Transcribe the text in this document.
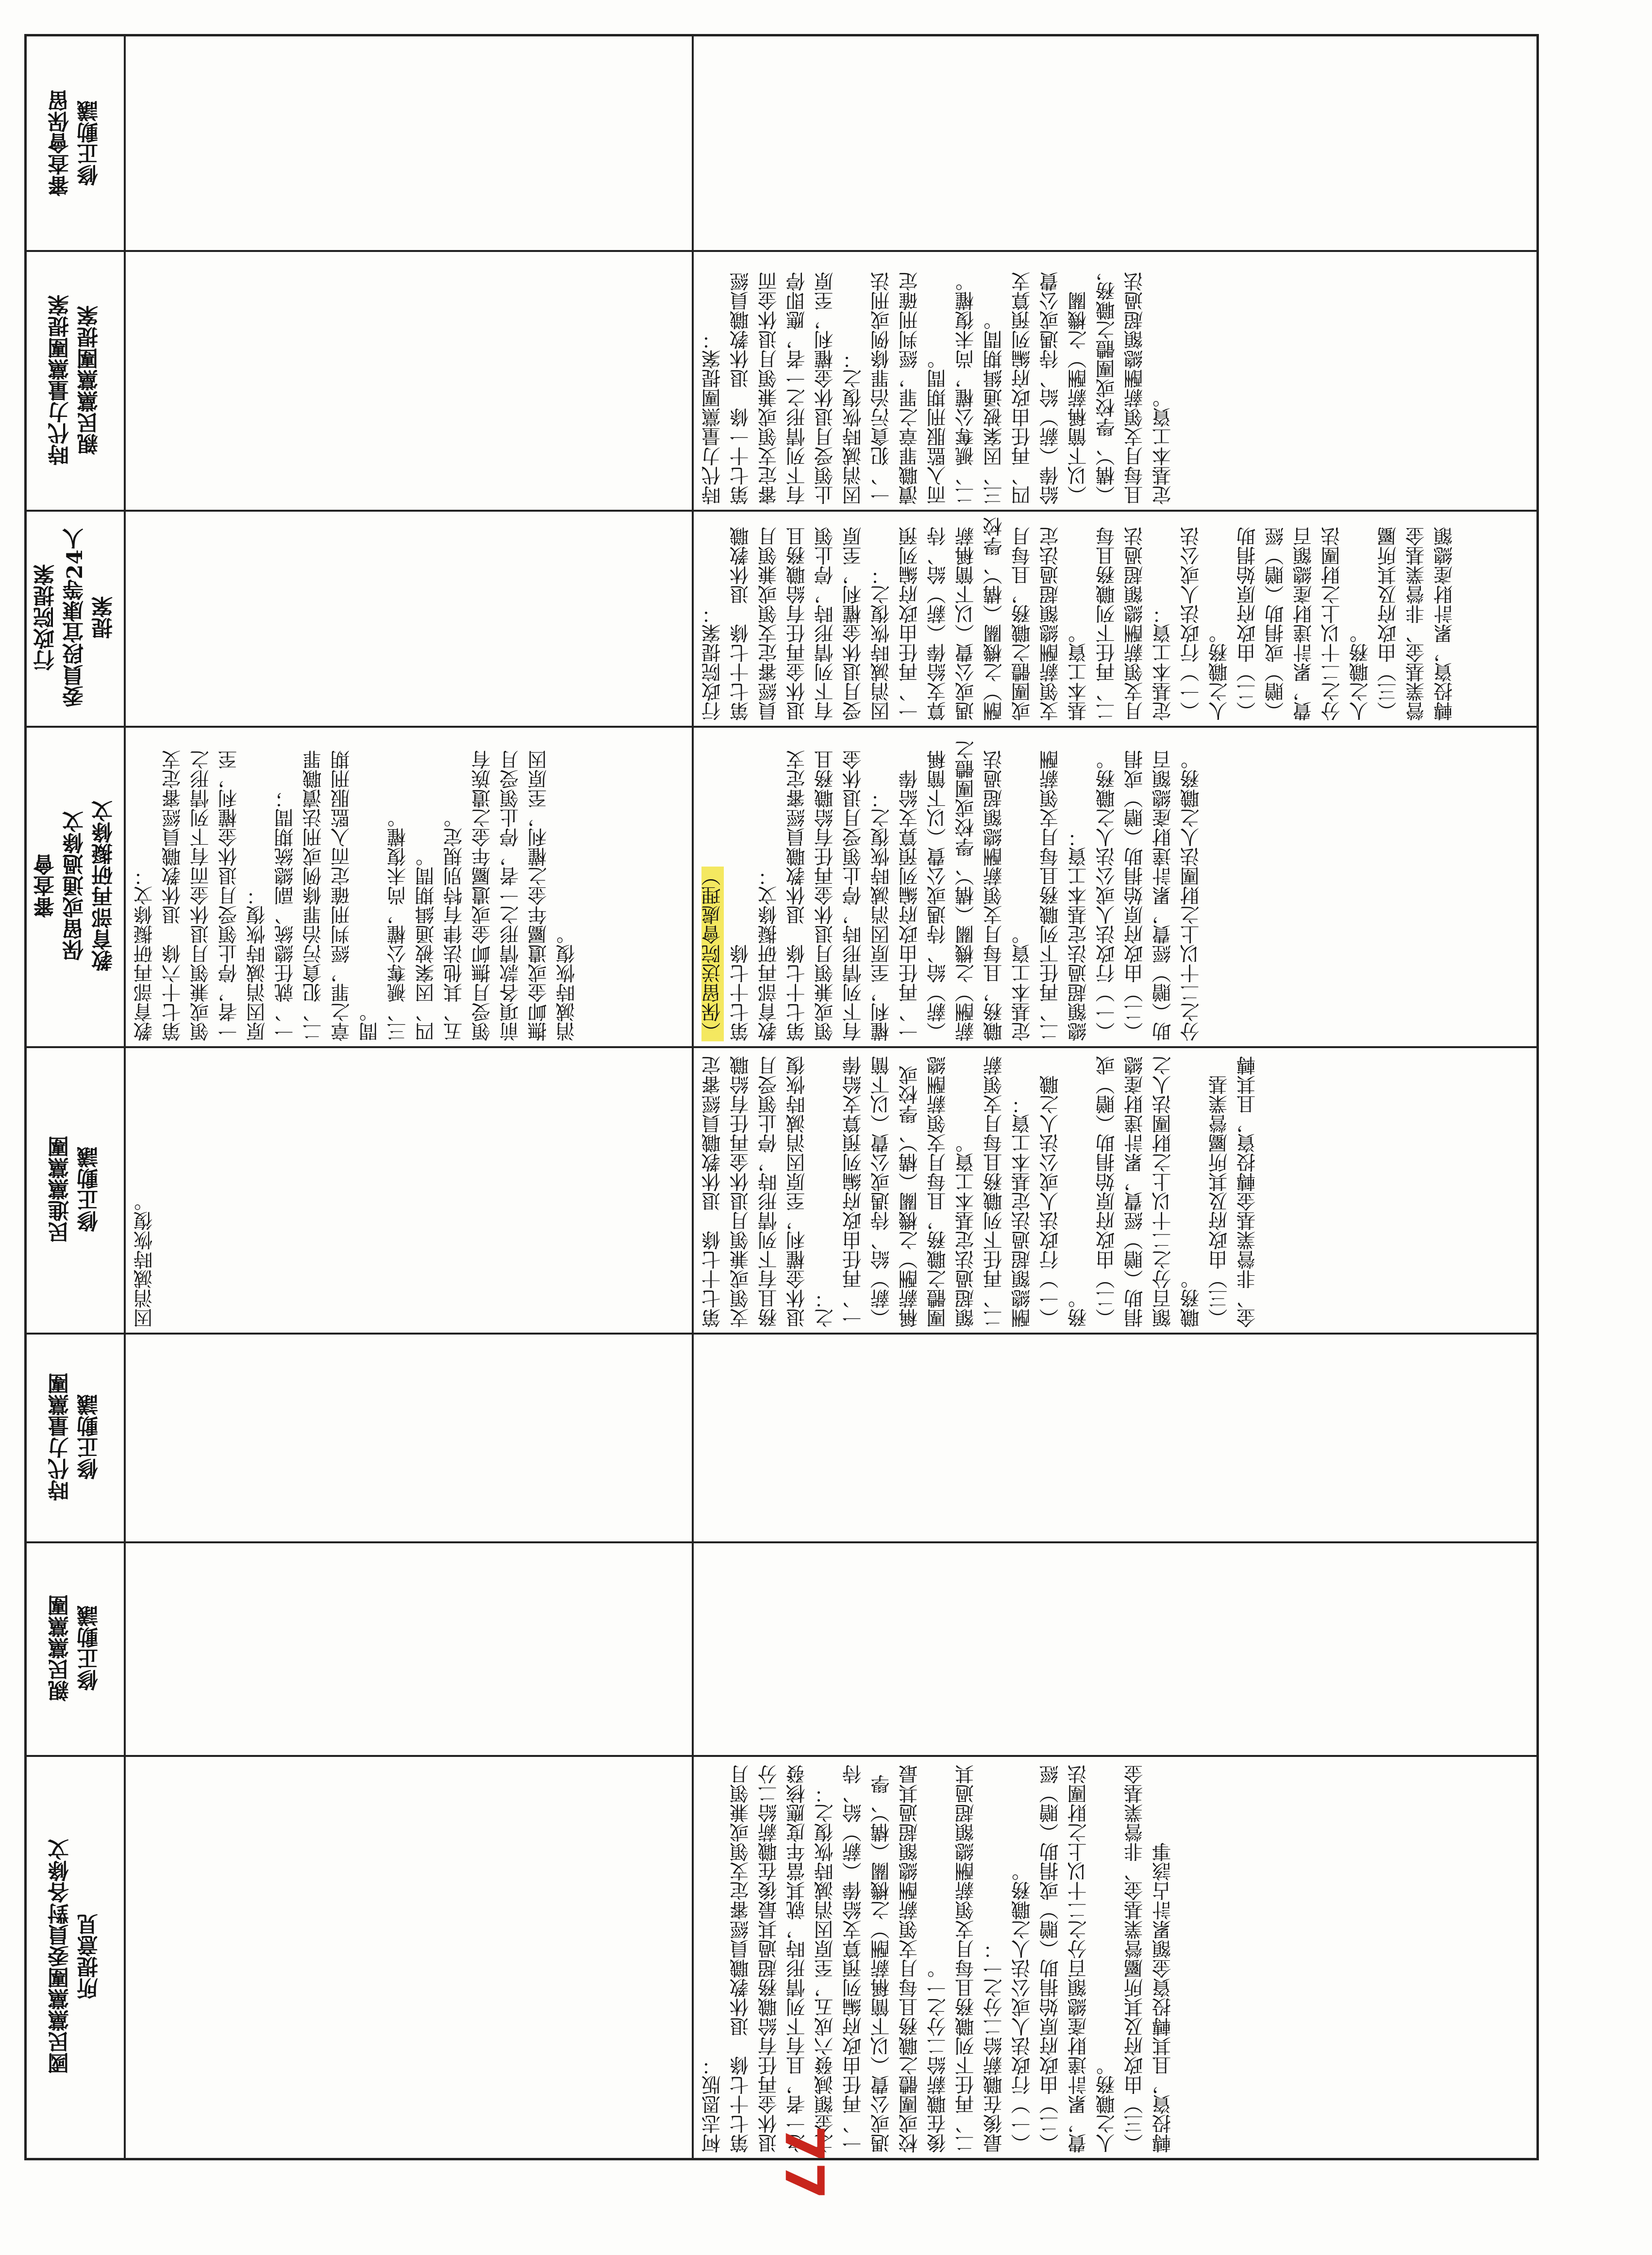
審查會保留
修正動議
時代力量黨團提案
親民黨黨團提案
行政院提案
委員段宜康等24人
提案
審查會
保留或通過條文
教育部再研擬條文
民進黨黨團
修正動議
時代力量黨團
修正動議
親民黨黨團
修正動議
國民黨黨團委員對各條文
所提意見
教育部再研擬條文：
第七十六條　退休教職員經審定支領或兼領月退休金而有下列情形之一者，停止領受月退休金權利，至原因消滅時恢復：
一、就任總統、副總統期間；
二、犯貪污治罪條例或刑法瀆職罪章之罪，經判刑確定而入監服刑期間。
三、褫奪公權，尚未復權。
四、因案被通緝期間。
五、其他法律有特別規定。
領受月撫卹金或遺屬年金之遺族有前項各款情形之一者，停止領受月撫卹金或遺屬年金之權利，至原因消滅時恢復。
因消滅時恢復。
時代力量黨團提案：
第七十一條　退休教職員經審定支領或兼領月退休金而有下列情形之一者，應即停止領受月退休金權利，至原因消滅時恢復之：
一、犯貪污治罪條例或刑法瀆職罪章之罪，經判刑確定而入監服刑期間。
二、褫奪公權，尚未復權。
三、因案被通緝期間。
四、再任由政府編列預算支給俸（薪）給、待遇或公費（以下簡稱薪酬）之機關（構）、學校或團體之職務，且每月支領薪酬總額超過法定基本工資。
行政院提案：
第七十七條　退休教職員經審定支領或兼領月退休金再任有給職務且有下列情形時，停止領受月退休金權利，至原因消滅時恢復之：
一、再任由政府編列預算支給俸（薪）給、待遇或公費（以下簡稱薪酬）之機關（構）、學校或團體之職務，且每月支領薪酬總額超過法定基本工資。
二、再任下列職務且每月支領薪酬總額超過法定基本工資：
（一）行政法人或公法人之職務。
（二）由政府原始捐助（贈）或捐助（贈）經費，累計達財產總額百分之二十以上之財團法人之職務。
（三）由政府及其所屬營業基金、非營業基金轉投資，累計財產總額
（保留送院會處理） 第七十七條 教育部再研擬條文：
第七十七條　退休教職員經審定支領或兼領月退休金再任有給職務且有下列情形時，停止領受月退休金權利，至原因消滅時恢復之：
一、再任由政府編列預算支給俸（薪）給、待遇或公費（以下簡稱薪酬）之機關（構）、學校或團體之職務，且每月支領薪酬總額超過法定基本工資。
二、再任下列職務且每月支領薪酬總額超過法定基本工資：
（一）行政法人或公法人之職務。
（二）由政府原始捐助（贈）或捐助（贈）經費，累計達財產總額百分之二十以上之財團法人之職務。
第七十七條　退休教職員經審定支領或兼領月退休金再任有給職務且有下列情形時，停止領受月退休金權利，至原因消滅時恢復之：
一、再任由政府編列預算支給俸（薪）給、待遇或公費（以下簡稱薪酬）之機關（構）、學校或團體之職務，且每月支領薪酬總額超過法定基本工資。
二、再任下列職務且每月支領薪酬總額超過法定基本工資：
（一）行政法人或公法人之職務。
（二）由政府原始捐助（贈）或捐助（贈）經費，累計達財產總額百分之二十以上之財團法人之職務。
（三）由政府及其所屬營業基金、非營業基金轉投資，且其轉
柯志恩版：
第七十七條　退休教職員經審定支領或兼領月退休金再任有給職務超過其最後在職薪給二分之一者，且有下列情形時，就其當年度應核發之金額減發六成五，至原因消滅時恢復之：
一、再任由政府編列預算支給俸（薪）給、待遇或公費（以下簡稱薪酬）之機關（構）、學校或團體之職務且每月支領薪酬總額超過其最後在職薪給二分之一。
二、再任下列職務且每月支領薪酬總額超過其最後在職薪給二分之一：
（一）行政法人或公法人之職務。
（二）由政府原始捐助（贈）或捐助（贈）經費，累計達財產總額百分之二十以上之財團法人之職務。
（三）由政府及其所屬營業基金、非營業基金轉投資，且其轉投資金額累計占該事
77
